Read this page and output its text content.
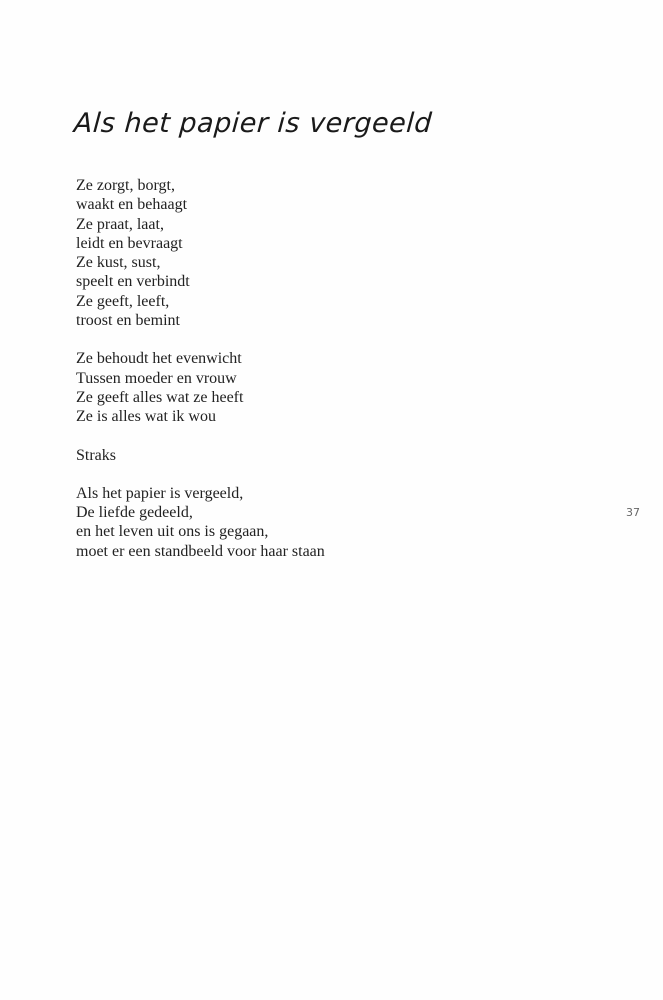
Als het papier is vergeeld
Ze zorgt, borgt,
waakt en behaagt
Ze praat, laat,
leidt en bevraagt
Ze kust, sust,
speelt en verbindt
Ze geeft, leeft,
troost en bemint
Ze behoudt het evenwicht
Tussen moeder en vrouw
Ze geeft alles wat ze heeft
Ze is alles wat ik wou
Straks
Als het papier is vergeeld,
De liefde gedeeld,
en het leven uit ons is gegaan,
moet er een standbeeld voor haar staan
37
